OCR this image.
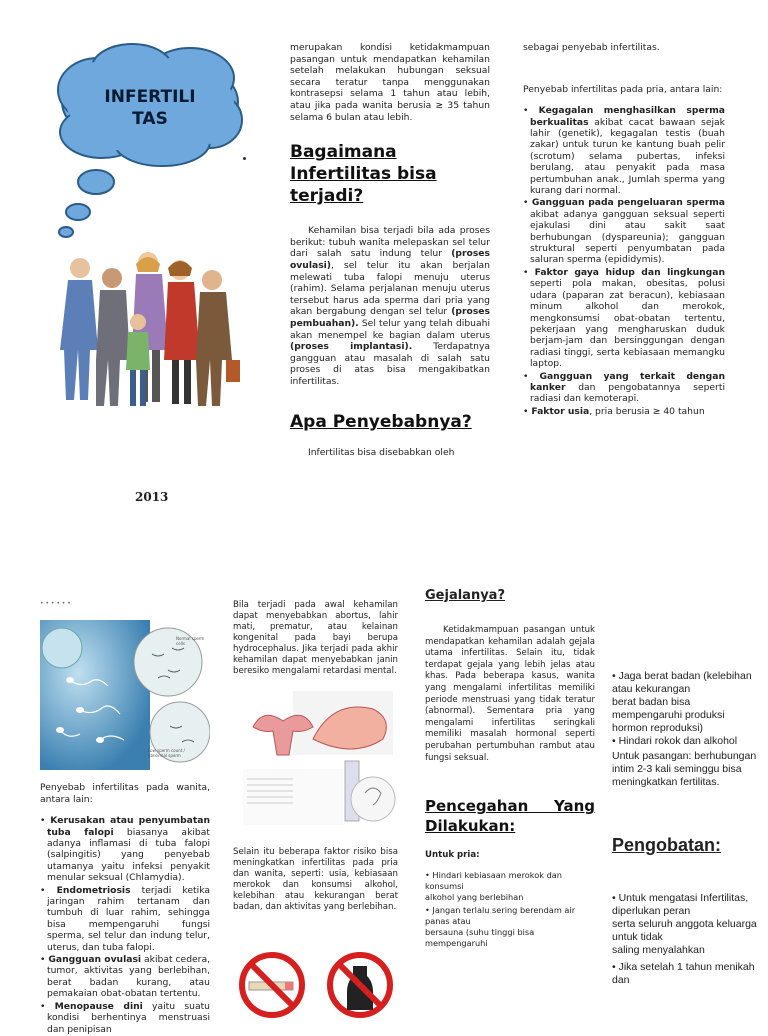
INFERTILI
TAS
2013

merupakan kondisi ketidakmampuan pasangan untuk mendapatkan kehamilan setelah melakukan hubungan seksual secara teratur tanpa menggunakan kontrasepsi selama 1 tahun atau lebih, atau jika pada wanita berusia ≥ 35 tahun selama 6 bulan atau lebih.

Bagaimana Infertilitas bisa terjadi?

Kehamilan bisa terjadi bila ada proses berikut: tubuh wanita melepaskan sel telur dari salah satu indung telur (proses ovulasi), sel telur itu akan berjalan melewati tuba falopi menuju uterus (rahim). Selama perjalanan menuju uterus tersebut harus ada sperma dari pria yang akan bergabung dengan sel telur (proses pembuahan). Sel telur yang telah dibuahi akan menempel ke bagian dalam uterus (proses implantasi). Terdapatnya gangguan atau masalah di salah satu proses di atas bisa mengakibatkan infertilitas.

Apa Penyebabnya?

Infertilitas bisa disebabkan oleh

sebagai penyebab infertilitas.

Penyebab infertilitas pada pria, antara lain:

• Kegagalan menghasilkan sperma berkualitas akibat cacat bawaan sejak lahir (genetik), kegagalan testis (buah zakar) untuk turun ke kantung buah pelir (scrotum) selama pubertas, infeksi berulang, atau penyakit pada masa pertumbuhan anak., Jumlah sperma yang kurang dari normal.

• Gangguan pada pengeluaran sperma akibat adanya gangguan seksual seperti ejakulasi dini atau sakit saat berhubungan (dyspareunia); gangguan struktural seperti penyumbatan pada saluran sperma (epididymis).

• Faktor gaya hidup dan lingkungan seperti pola makan, obesitas, polusi udara (paparan zat beracun), kebiasaan minum alkohol dan merokok, mengkonsumsi obat-obatan tertentu, pekerjaan yang mengharuskan duduk berjam-jam dan bersinggungan dengan radiasi tinggi, serta kebiasaan memangku laptop.

• Gangguan yang terkait dengan kanker dan pengobatannya seperti radiasi dan kemoterapi.

• Faktor usia, pria berusia ≥ 40 tahun

• • • • • •
Normal sperm cells
Low sperm count / abnormal sperm

Penyebab infertilitas pada wanita, antara lain:

• Kerusakan atau penyumbatan tuba falopi biasanya akibat adanya inflamasi di tuba falopi (salpingitis) yang penyebab utamanya yaitu infeksi penyakit menular seksual (Chlamydia).

• Endometriosis terjadi ketika jaringan rahim tertanam dan tumbuh di luar rahim, sehingga bisa mempengaruhi fungsi sperma, sel telur dan indung telur, uterus, dan tuba falopi.

• Gangguan ovulasi akibat cedera, tumor, aktivitas yang berlebihan, berat badan kurang, atau pemakaian obat-obatan tertentu.

• Menopause dini yaitu suatu kondisi berhentinya menstruasi dan penipisan

Bila terjadi pada awal kehamilan dapat menyebabkan abortus, lahir mati, prematur, atau kelainan kongenital pada bayi berupa hydrocephalus. Jika terjadi pada akhir kehamilan dapat menyebabkan janin beresiko mengalami retardasi mental.

Selain itu beberapa faktor risiko bisa meningkatkan infertilitas pada pria dan wanita, seperti: usia, kebiasaan merokok dan konsumsi alkohol, kelebihan atau kekurangan berat badan, dan aktivitas yang berlebihan.

Gejalanya?

Ketidakmampuan pasangan untuk mendapatkan kehamilan adalah gejala utama infertilitas. Selain itu, tidak terdapat gejala yang lebih jelas atau khas. Pada beberapa kasus, wanita yang mengalami infertilitas memiliki periode menstruasi yang tidak teratur (abnormal). Sementara pria yang mengalami infertilitas seringkali memiliki masalah hormonal seperti perubahan pertumbuhan rambut atau fungsi seksual.

Pencegahan Yang Dilakukan:
Untuk pria:
• Hindari kebiasaan merokok dan konsumsi
alkohol yang berlebihan
• Jangan terlalu sering berendam air panas atau
bersauna (suhu tinggi bisa mempengaruhi
• Jaga berat badan (kelebihan atau kekurangan
berat badan bisa mempengaruhi produksi hormon reproduksi)
• Hindari rokok dan alkohol
Untuk pasangan: berhubungan intim 2-3 kali seminggu bisa meningkatkan fertilitas.
Pengobatan:
• Untuk mengatasi Infertilitas, diperlukan peran
serta seluruh anggota keluarga untuk tidak
saling menyalahkan
• Jika setelah 1 tahun menikah dan
